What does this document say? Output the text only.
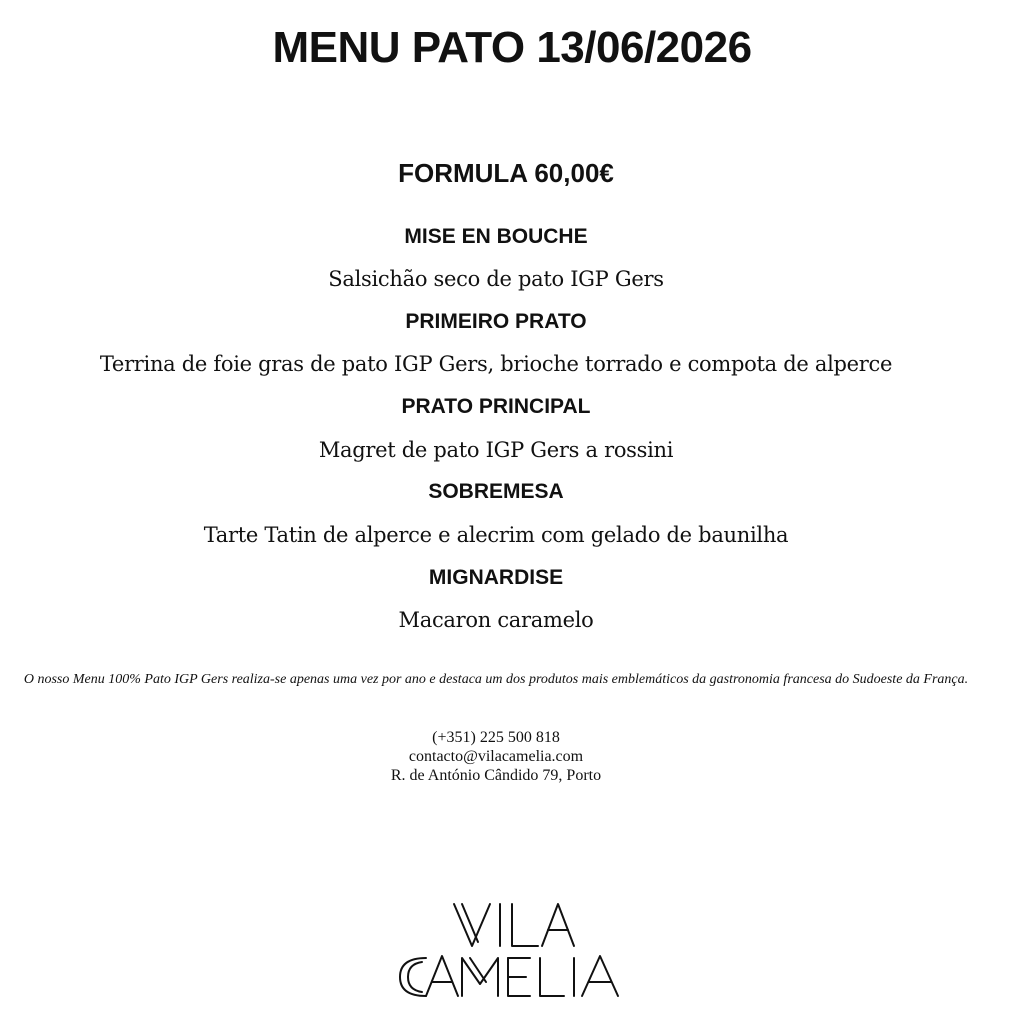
MENU PATO 13/06/2026
FORMULA 60,00€
MISE EN BOUCHE
Salsichão seco de pato IGP Gers
PRIMEIRO PRATO
Terrina de foie gras de pato IGP Gers, brioche torrado e compota de alperce
PRATO PRINCIPAL
Magret de pato IGP Gers a rossini
SOBREMESA
Tarte Tatin de alperce e alecrim com gelado de baunilha
MIGNARDISE
Macaron caramelo
O nosso Menu 100% Pato IGP Gers realiza-se apenas uma vez por ano e destaca um dos produtos mais emblemáticos da gastronomia francesa do Sudoeste da França.
(+351) 225 500 818
contacto@vilacamelia.com
R. de António Cândido 79, Porto
